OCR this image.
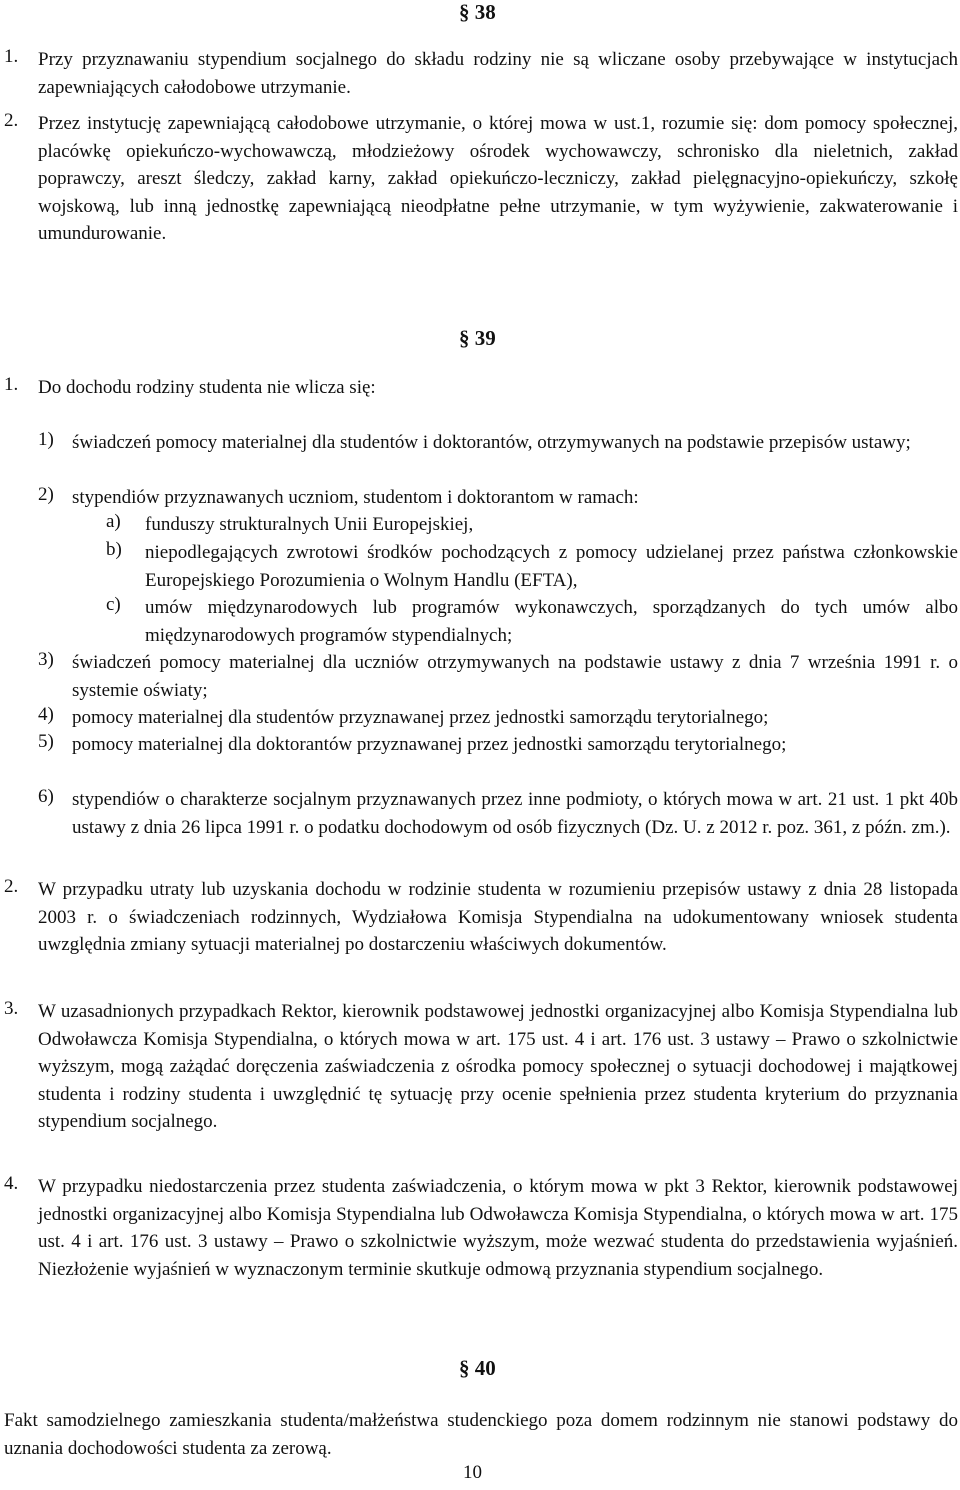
§ 38
1. Przy przyznawaniu stypendium socjalnego do składu rodziny nie są wliczane osoby przebywające w instytucjach zapewniających całodobowe utrzymanie.
2. Przez instytucję zapewniającą całodobowe utrzymanie, o której mowa w ust.1, rozumie się: dom pomocy społecznej, placówkę opiekuńczo-wychowawczą, młodzieżowy ośrodek wychowawczy, schronisko dla nieletnich, zakład poprawczy, areszt śledczy, zakład karny, zakład opiekuńczo-leczniczy, zakład pielęgnacyjno-opiekuńczy, szkołę wojskową, lub inną jednostkę zapewniającą nieodpłatne pełne utrzymanie, w tym wyżywienie, zakwaterowanie i umundurowanie.
§ 39
1. Do dochodu rodziny studenta nie wlicza się:
1) świadczeń pomocy materialnej dla studentów i doktorantów, otrzymywanych na podstawie przepisów ustawy;
2) stypendiów przyznawanych uczniom, studentom i doktorantom w ramach:
a) funduszy strukturalnych Unii Europejskiej,
b) niepodlegających zwrotowi środków pochodzących z pomocy udzielanej przez państwa członkowskie Europejskiego Porozumienia o Wolnym Handlu (EFTA),
c) umów międzynarodowych lub programów wykonawczych, sporządzanych do tych umów albo międzynarodowych programów stypendialnych;
3) świadczeń pomocy materialnej dla uczniów otrzymywanych na podstawie ustawy z dnia 7 września 1991 r. o systemie oświaty;
4) pomocy materialnej dla studentów przyznawanej przez jednostki samorządu terytorialnego;
5) pomocy materialnej dla doktorantów przyznawanej przez jednostki samorządu terytorialnego;
6) stypendiów o charakterze socjalnym przyznawanych przez inne podmioty, o których mowa w art. 21 ust. 1 pkt 40b ustawy z dnia 26 lipca 1991 r. o podatku dochodowym od osób fizycznych (Dz. U. z 2012 r. poz. 361, z późn. zm.).
2. W przypadku utraty lub uzyskania dochodu w rodzinie studenta w rozumieniu przepisów ustawy z dnia 28 listopada 2003 r. o świadczeniach rodzinnych, Wydziałowa Komisja Stypendialna na udokumentowany wniosek studenta uwzględnia zmiany sytuacji materialnej po dostarczeniu właściwych dokumentów.
3. W uzasadnionych przypadkach Rektor, kierownik podstawowej jednostki organizacyjnej albo Komisja Stypendialna lub Odwoławcza Komisja Stypendialna, o których mowa w art. 175 ust. 4 i art. 176 ust. 3 ustawy – Prawo o szkolnictwie wyższym, mogą zażądać doręczenia zaświadczenia z ośrodka pomocy społecznej o sytuacji dochodowej i majątkowej studenta i rodziny studenta i uwzględnić tę sytuację przy ocenie spełnienia przez studenta kryterium do przyznania stypendium socjalnego.
4. W przypadku niedostarczenia przez studenta zaświadczenia, o którym mowa w pkt 3 Rektor, kierownik podstawowej jednostki organizacyjnej albo Komisja Stypendialna lub Odwoławcza Komisja Stypendialna, o których mowa w art. 175 ust. 4 i art. 176 ust. 3 ustawy – Prawo o szkolnictwie wyższym, może wezwać studenta do przedstawienia wyjaśnień. Niezłożenie wyjaśnień w wyznaczonym terminie skutkuje odmową przyznania stypendium socjalnego.
§ 40
Fakt samodzielnego zamieszkania studenta/małżeństwa studenckiego poza domem rodzinnym nie stanowi podstawy do uznania dochodowości studenta za zerową.
10
